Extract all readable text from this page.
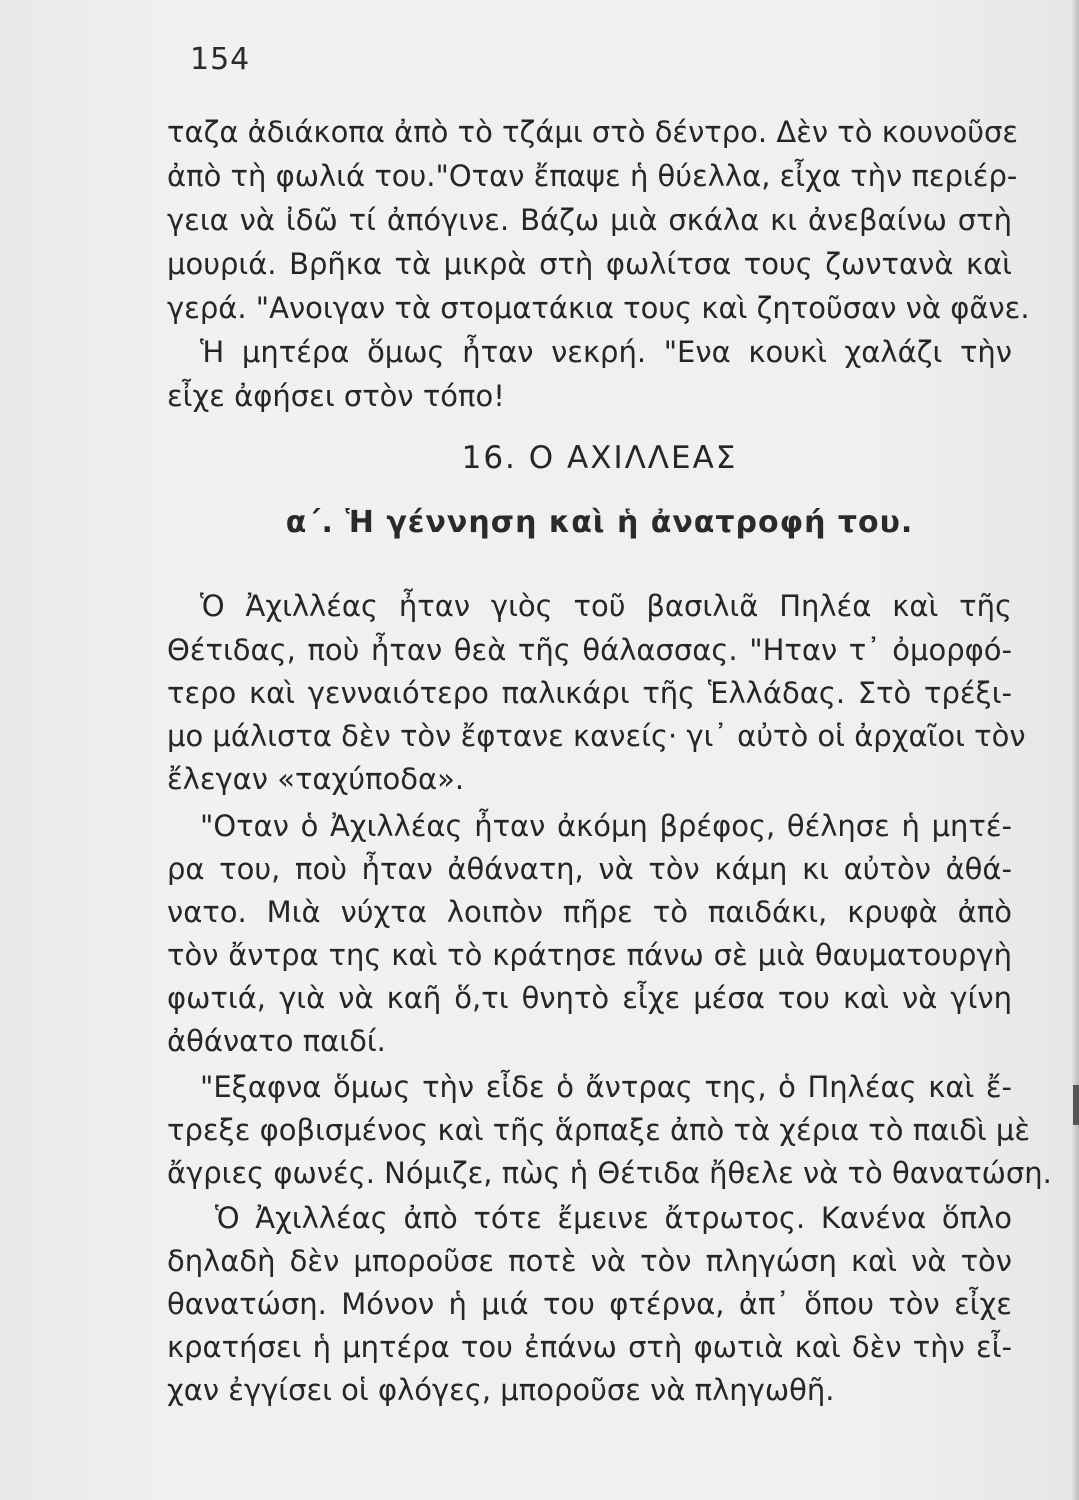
154
ταζα ἀδιάκοπα ἀπὸ τὸ τζάμι στὸ δέντρο. Δὲν τὸ κουνοῦσε
ἀπὸ τὴ φωλιά του."Οταν ἔπαψε ἡ θύελλα, εἶχα τὴν περιέρ-
γεια νὰ ἰδῶ τί ἀπόγινε. Βάζω μιὰ σκάλα κι ἀνεβαίνω στὴ
μουριά. Βρῆκα τὰ μικρὰ στὴ φωλίτσα τους ζωντανὰ καὶ
γερά. "Ανοιγαν τὰ στοματάκια τους καὶ ζητοῦσαν νὰ φᾶνε.
Ἡ μητέρα ὅμως ἦταν νεκρή. "Ενα κουκὶ χαλάζι τὴν
εἶχε ἀφήσει στὸν τόπο!
16. Ο ΑΧΙΛΛΕΑΣ
α΄. Ἡ γέννηση καὶ ἡ ἀνατροφή του.
Ὁ Ἀχιλλέας ἦταν γιὸς τοῦ βασιλιᾶ Πηλέα καὶ τῆς
Θέτιδας, ποὺ ἦταν θεὰ τῆς θάλασσας. "Ηταν τ᾽ ὀμορφό-
τερο καὶ γενναιότερο παλικάρι τῆς Ἑλλάδας. Στὸ τρέξι-
μο μάλιστα δὲν τὸν ἔφτανε κανείς· γι᾽ αὐτὸ οἱ ἀρχαῖοι τὸν
ἔλεγαν «ταχύποδα».
"Οταν ὁ Ἀχιλλέας ἦταν ἀκόμη βρέφος, θέλησε ἡ μητέ-
ρα του, ποὺ ἦταν ἀθάνατη, νὰ τὸν κάμη κι αὐτὸν ἀθά-
νατο. Μιὰ νύχτα λοιπὸν πῆρε τὸ παιδάκι, κρυφὰ ἀπὸ
τὸν ἄντρα της καὶ τὸ κράτησε πάνω σὲ μιὰ θαυματουργὴ
φωτιά, γιὰ νὰ καῆ ὅ,τι θνητὸ εἶχε μέσα του καὶ νὰ γίνη
ἀθάνατο παιδί.
"Εξαφνα ὅμως τὴν εἶδε ὁ ἄντρας της, ὁ Πηλέας καὶ ἔ-
τρεξε φοβισμένος καὶ τῆς ἅρπαξε ἀπὸ τὰ χέρια τὸ παιδὶ μὲ
ἄγριες φωνές. Νόμιζε, πὼς ἡ Θέτιδα ἤθελε νὰ τὸ θανατώση.
Ὁ Ἀχιλλέας ἀπὸ τότε ἔμεινε ἄτρωτος. Κανένα ὅπλο
δηλαδὴ δὲν μποροῦσε ποτὲ νὰ τὸν πληγώση καὶ νὰ τὸν
θανατώση. Μόνον ἡ μιά του φτέρνα, ἀπ᾽ ὅπου τὸν εἶχε
κρατήσει ἡ μητέρα του ἐπάνω στὴ φωτιὰ καὶ δὲν τὴν εἶ-
χαν ἐγγίσει οἱ φλόγες, μποροῦσε νὰ πληγωθῆ.
